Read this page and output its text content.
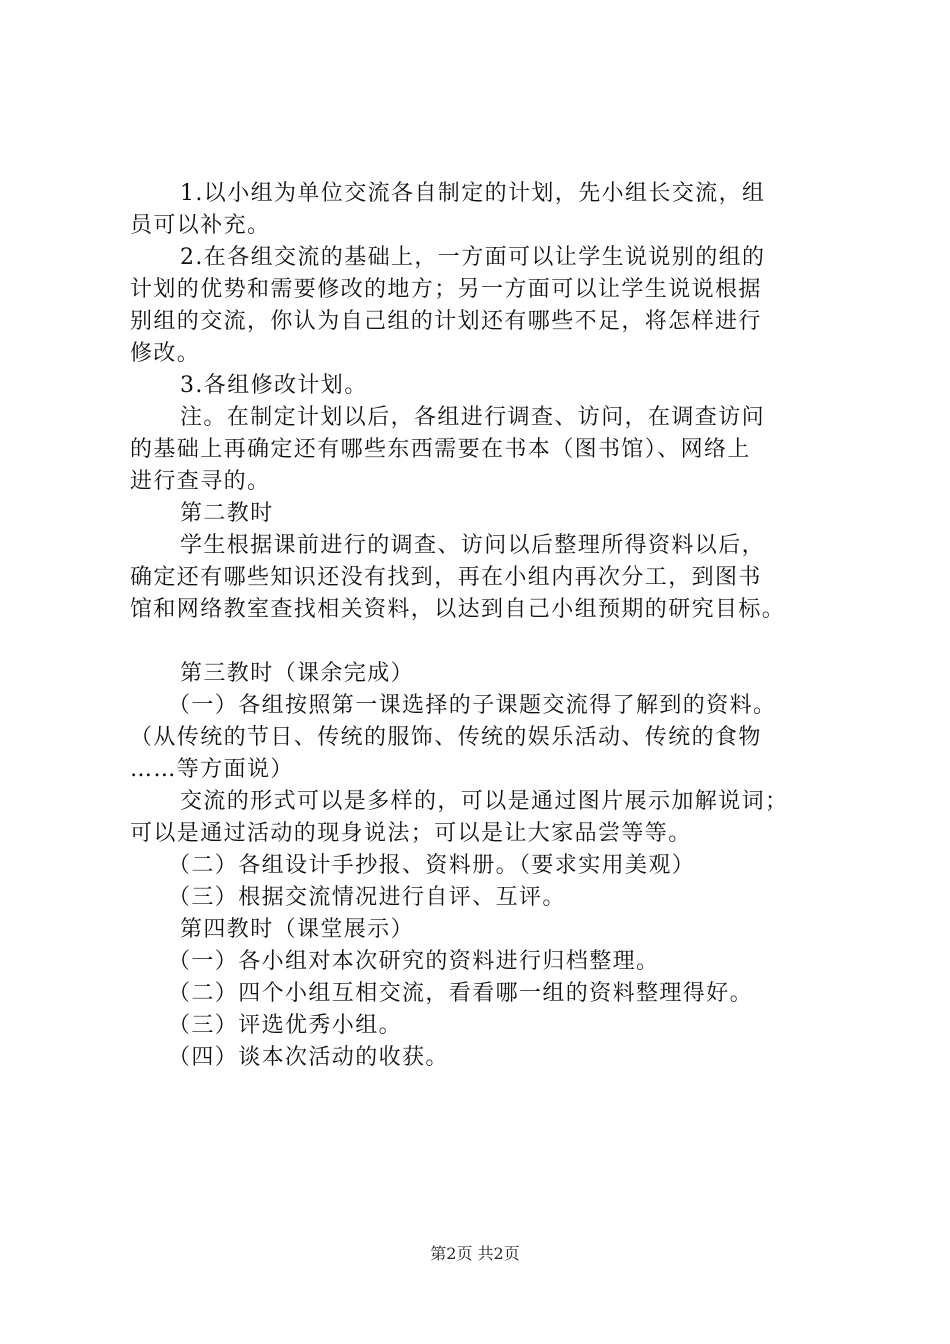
1.以小组为单位交流各自制定的计划，先小组长交流，组
员可以补充。
2.在各组交流的基础上，一方面可以让学生说说别的组的
计划的优势和需要修改的地方；另一方面可以让学生说说根据
别组的交流，你认为自己组的计划还有哪些不足，将怎样进行
修改。
3.各组修改计划。
注。在制定计划以后，各组进行调查、访问，在调查访问
的基础上再确定还有哪些东西需要在书本（图书馆）、网络上
进行查寻的。
第二教时
学生根据课前进行的调查、访问以后整理所得资料以后，
确定还有哪些知识还没有找到，再在小组内再次分工，到图书
馆和网络教室查找相关资料，以达到自己小组预期的研究目标。
第三教时（课余完成）
（一）各组按照第一课选择的子课题交流得了解到的资料。
（从传统的节日、传统的服饰、传统的娱乐活动、传统的食物
……等方面说）
交流的形式可以是多样的，可以是通过图片展示加解说词；
可以是通过活动的现身说法；可以是让大家品尝等等。
（二）各组设计手抄报、资料册。（要求实用美观）
（三）根据交流情况进行自评、互评。
第四教时（课堂展示）
（一）各小组对本次研究的资料进行归档整理。
（二）四个小组互相交流，看看哪一组的资料整理得好。
（三）评选优秀小组。
（四）谈本次活动的收获。
第2页 共2页
